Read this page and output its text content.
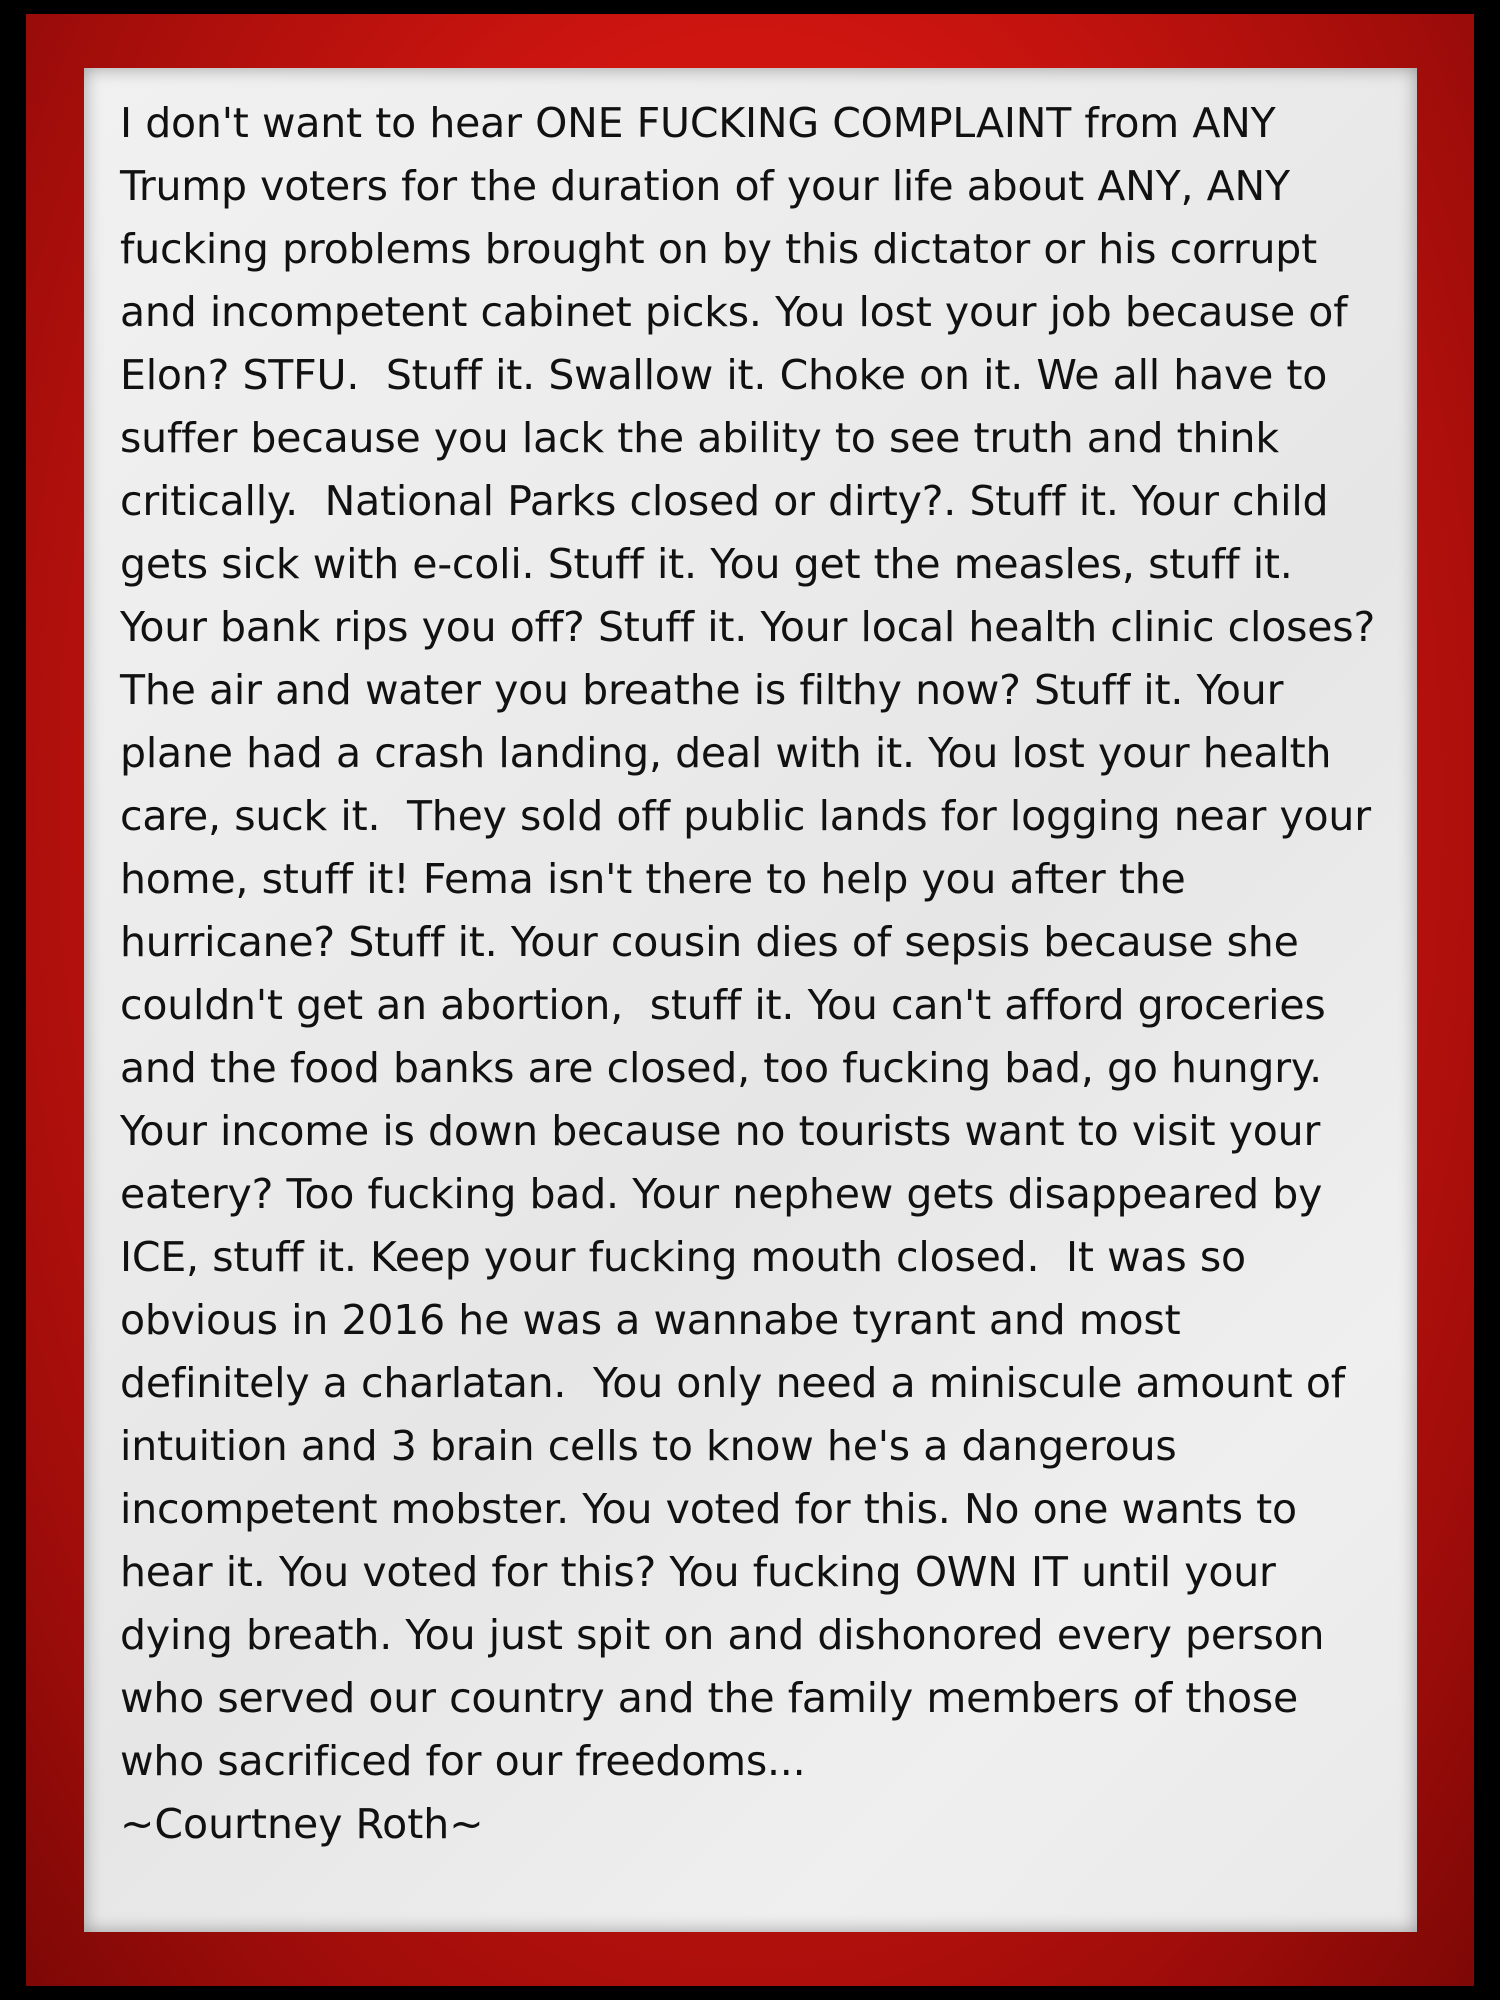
I don't want to hear ONE FUCKING COMPLAINT from ANY Trump voters for the duration of your life about ANY, ANY fucking problems brought on by this dictator or his corrupt and incompetent cabinet picks. You lost your job because of Elon? STFU.  Stuff it. Swallow it. Choke on it. We all have to suffer because you lack the ability to see truth and think critically.  National Parks closed or dirty?. Stuff it. Your child gets sick with e-coli. Stuff it. You get the measles, stuff it. Your bank rips you off? Stuff it. Your local health clinic closes? The air and water you breathe is filthy now? Stuff it. Your plane had a crash landing, deal with it. You lost your health care, suck it.  They sold off public lands for logging near your home, stuff it! Fema isn't there to help you after the hurricane? Stuff it. Your cousin dies of sepsis because she couldn't get an abortion,  stuff it. You can't afford groceries and the food banks are closed, too fucking bad, go hungry.  Your income is down because no tourists want to visit your eatery? Too fucking bad. Your nephew gets disappeared by ICE, stuff it. Keep your fucking mouth closed.  It was so obvious in 2016 he was a wannabe tyrant and most definitely a charlatan.  You only need a miniscule amount of intuition and 3 brain cells to know he's a dangerous incompetent mobster. You voted for this. No one wants to hear it. You voted for this? You fucking OWN IT until your dying breath. You just spit on and dishonored every person who served our country and the family members of those who sacrificed for our freedoms...

~Courtney Roth~
